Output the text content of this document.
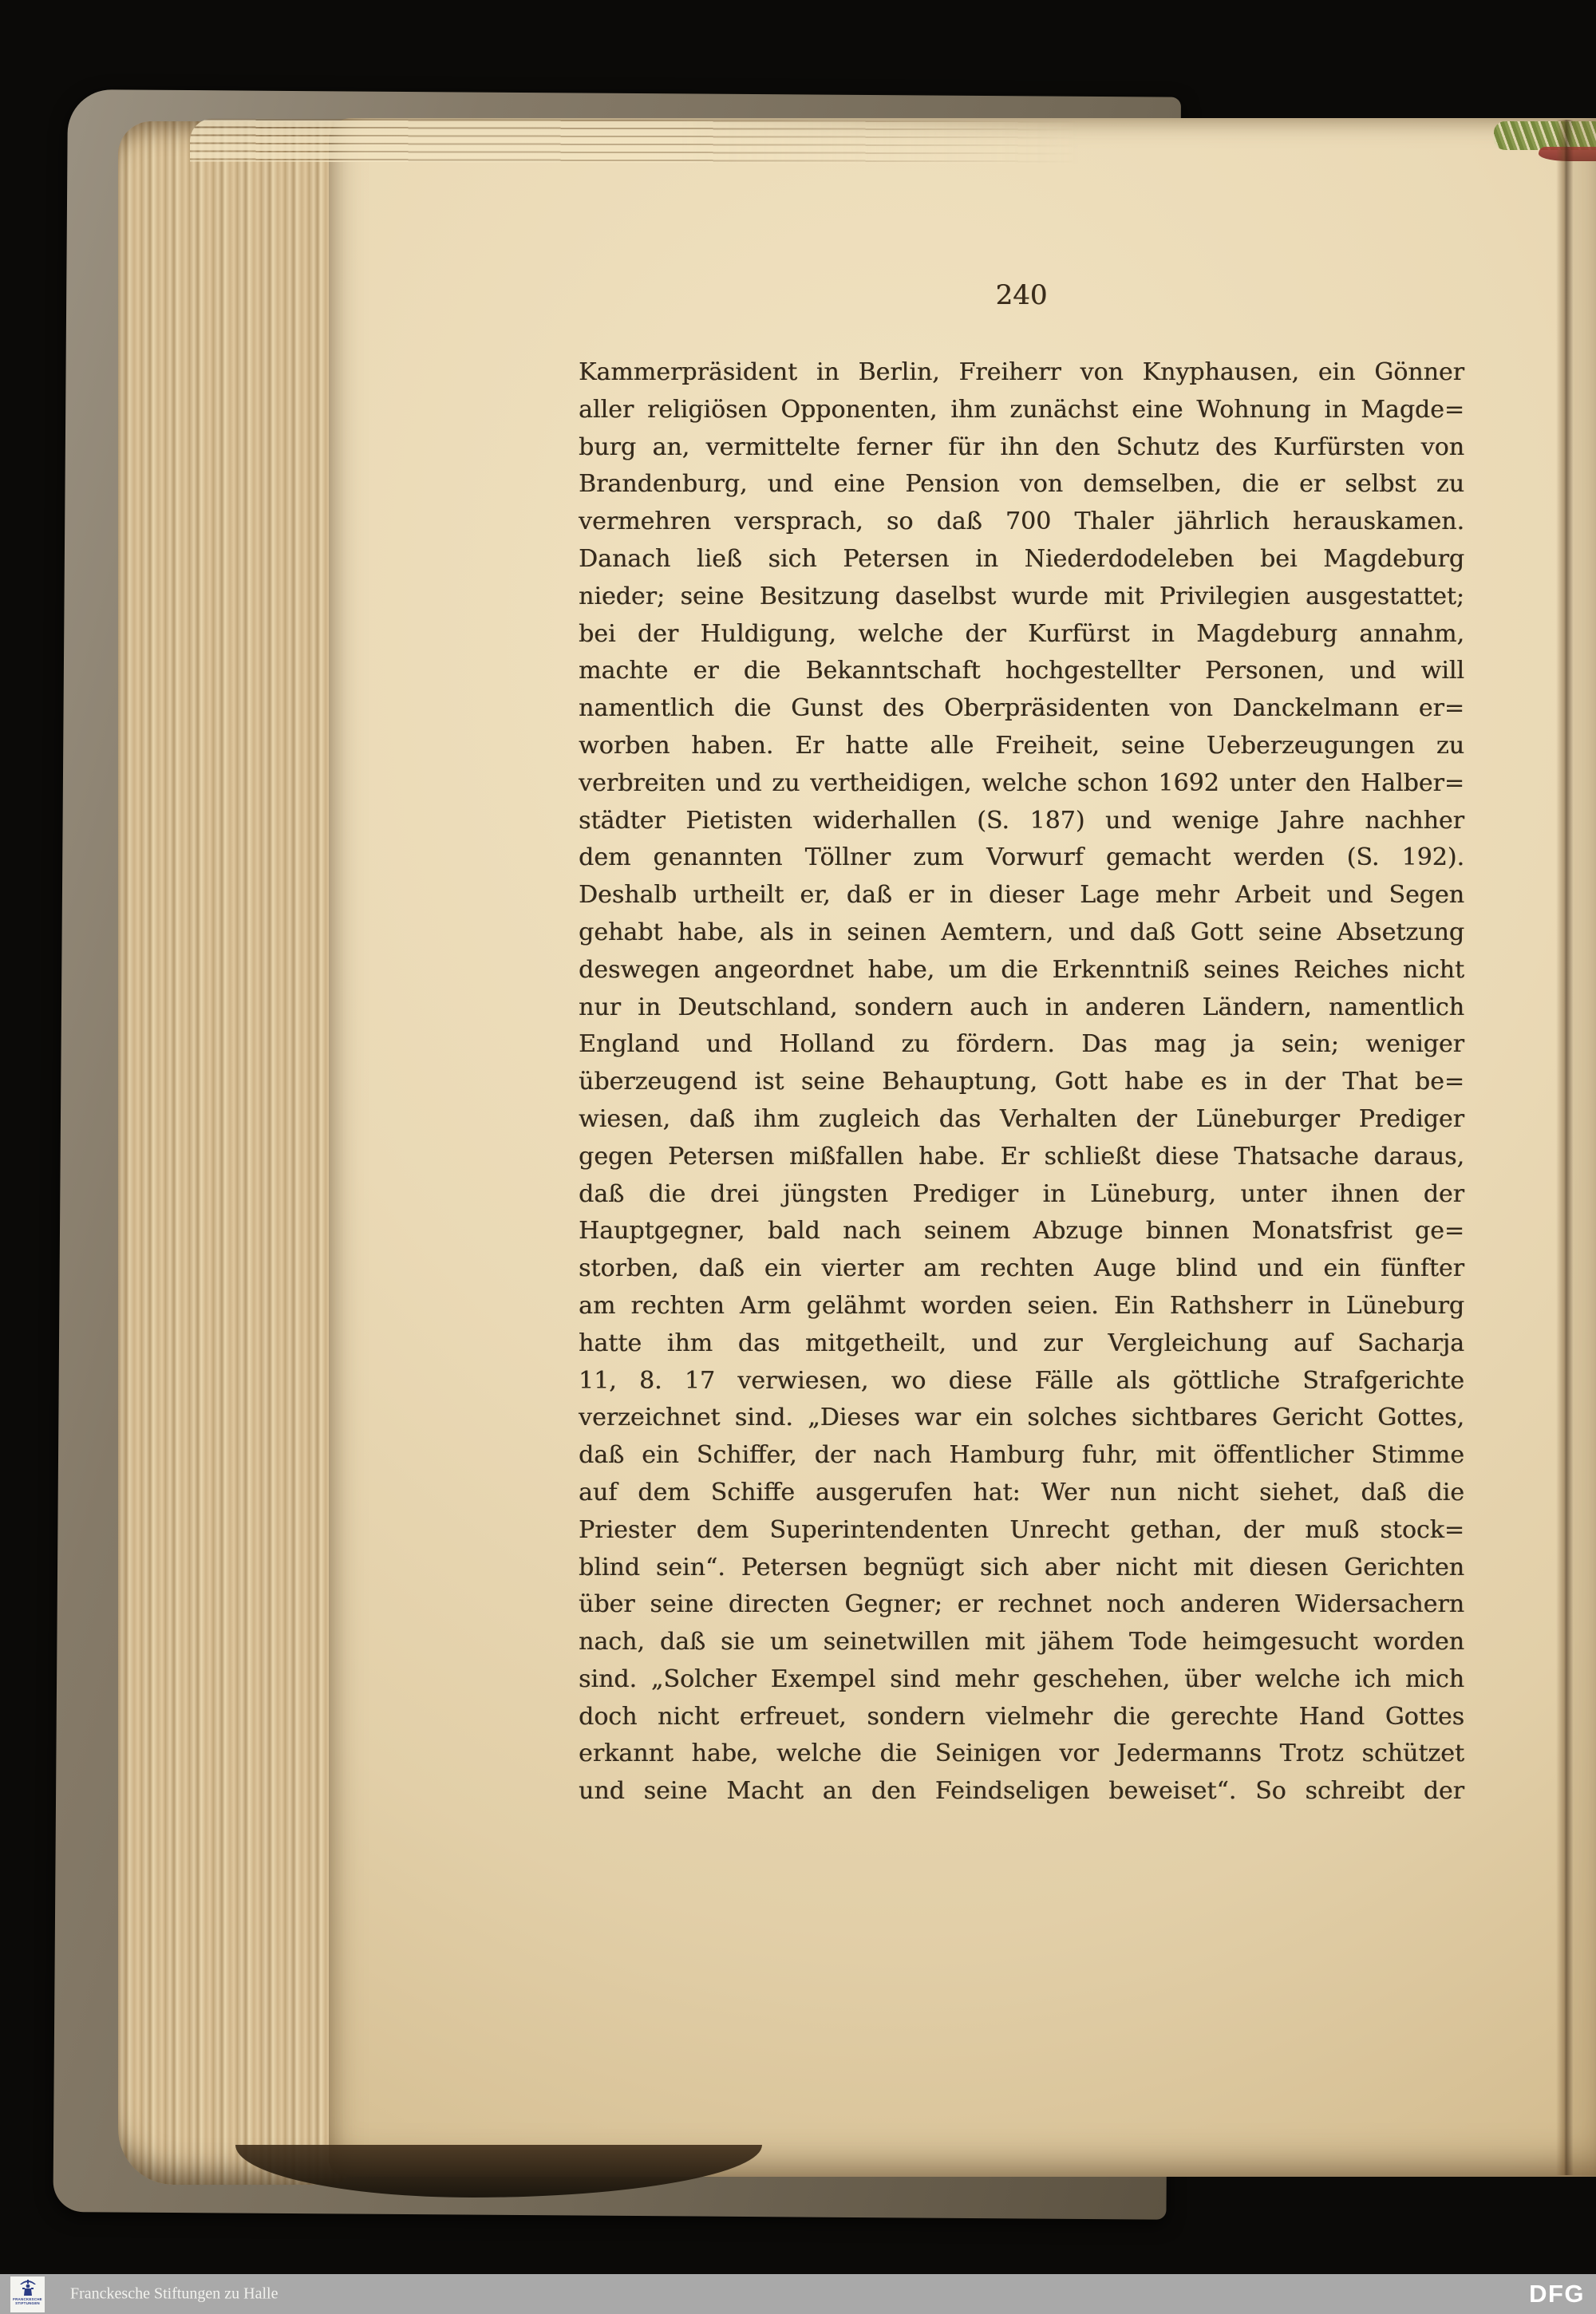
240
Kammerpräsident in Berlin, Freiherr von Knyphausen, ein Gönner
aller religiösen Opponenten, ihm zunächst eine Wohnung in Magde=
burg an, vermittelte ferner für ihn den Schutz des Kurfürsten von
Brandenburg, und eine Pension von demselben, die er selbst zu
vermehren versprach, so daß 700 Thaler jährlich herauskamen.
Danach ließ sich Petersen in Niederdodeleben bei Magdeburg
nieder; seine Besitzung daselbst wurde mit Privilegien ausgestattet;
bei der Huldigung, welche der Kurfürst in Magdeburg annahm,
machte er die Bekanntschaft hochgestellter Personen, und will
namentlich die Gunst des Oberpräsidenten von Danckelmann er=
worben haben. Er hatte alle Freiheit, seine Ueberzeugungen zu
verbreiten und zu vertheidigen, welche schon 1692 unter den Halber=
städter Pietisten widerhallen (S. 187) und wenige Jahre nachher
dem genannten Töllner zum Vorwurf gemacht werden (S. 192).
Deshalb urtheilt er, daß er in dieser Lage mehr Arbeit und Segen
gehabt habe, als in seinen Aemtern, und daß Gott seine Absetzung
deswegen angeordnet habe, um die Erkenntniß seines Reiches nicht
nur in Deutschland, sondern auch in anderen Ländern, namentlich
England und Holland zu fördern. Das mag ja sein; weniger
überzeugend ist seine Behauptung, Gott habe es in der That be=
wiesen, daß ihm zugleich das Verhalten der Lüneburger Prediger
gegen Petersen mißfallen habe. Er schließt diese Thatsache daraus,
daß die drei jüngsten Prediger in Lüneburg, unter ihnen der
Hauptgegner, bald nach seinem Abzuge binnen Monatsfrist ge=
storben, daß ein vierter am rechten Auge blind und ein fünfter
am rechten Arm gelähmt worden seien. Ein Rathsherr in Lüneburg
hatte ihm das mitgetheilt, und zur Vergleichung auf Sacharja
11, 8. 17 verwiesen, wo diese Fälle als göttliche Strafgerichte
verzeichnet sind. „Dieses war ein solches sichtbares Gericht Gottes,
daß ein Schiffer, der nach Hamburg fuhr, mit öffentlicher Stimme
auf dem Schiffe ausgerufen hat: Wer nun nicht siehet, daß die
Priester dem Superintendenten Unrecht gethan, der muß stock=
blind sein“. Petersen begnügt sich aber nicht mit diesen Gerichten
über seine directen Gegner; er rechnet noch anderen Widersachern
nach, daß sie um seinetwillen mit jähem Tode heimgesucht worden
sind. „Solcher Exempel sind mehr geschehen, über welche ich mich
doch nicht erfreuet, sondern vielmehr die gerechte Hand Gottes
erkannt habe, welche die Seinigen vor Jedermanns Trotz schützet
und seine Macht an den Feindseligen beweiset“. So schreibt der
FRANCKESCHE
STIFTUNGEN
Franckesche Stiftungen zu Halle	DFG
